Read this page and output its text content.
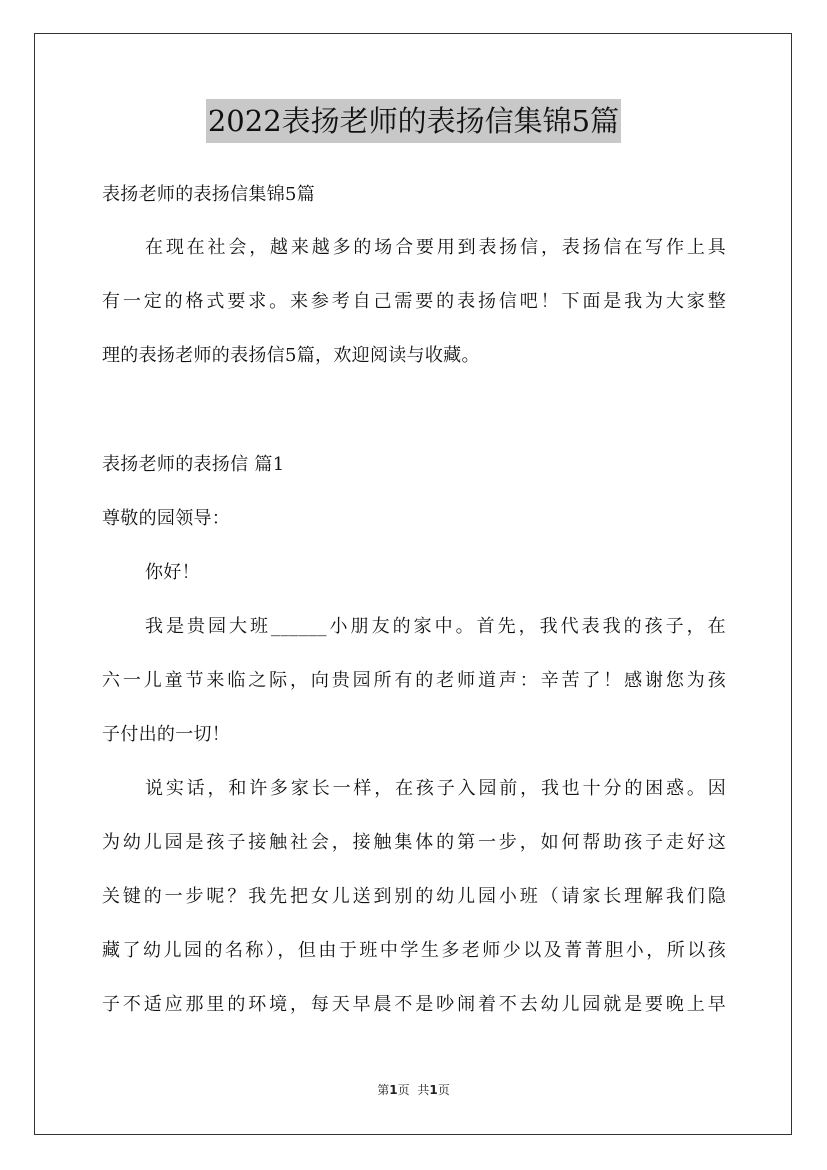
2022表扬老师的表扬信集锦5篇
表扬老师的表扬信集锦5篇
在现在社会，越来越多的场合要用到表扬信，表扬信在写作上具
有一定的格式要求。来参考自己需要的表扬信吧！下面是我为大家整
理的表扬老师的表扬信5篇，欢迎阅读与收藏。
表扬老师的表扬信 篇1
尊敬的园领导：
你好！
我是贵园大班______小朋友的家中。首先，我代表我的孩子，在
六一儿童节来临之际，向贵园所有的老师道声：辛苦了！感谢您为孩
子付出的一切！
说实话，和许多家长一样，在孩子入园前，我也十分的困惑。因
为幼儿园是孩子接触社会，接触集体的第一步，如何帮助孩子走好这
关键的一步呢？我先把女儿送到别的幼儿园小班（请家长理解我们隐
藏了幼儿园的名称），但由于班中学生多老师少以及菁菁胆小，所以孩
子不适应那里的环境，每天早晨不是吵闹着不去幼儿园就是要晚上早
第1页 共1页
